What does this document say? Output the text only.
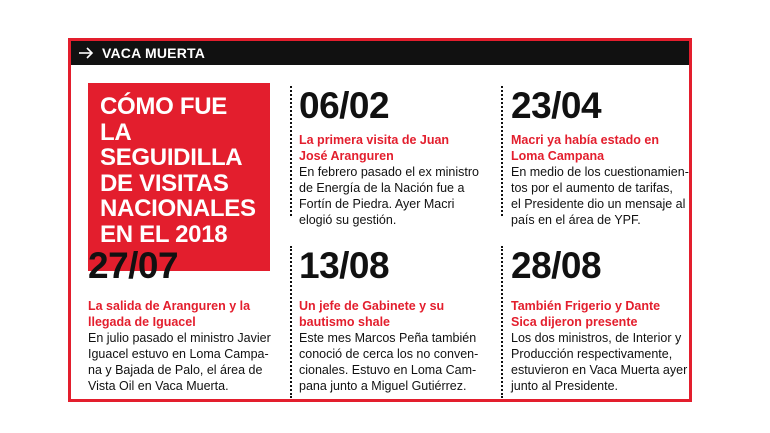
VACA MUERTA

CÓMO FUE
LA SEGUIDILLA
DE VISITAS
NACIONALES
EN EL 2018

06/02

La primera visita de Juan
José Aranguren

En febrero pasado el ex ministro
de Energía de la Nación fue a
Fortín de Piedra. Ayer Macri
elogió su gestión.

23/04

Macri ya había estado en
Loma Campana

En medio de los cuestionamien-
tos por el aumento de tarifas,
el Presidente dio un mensaje al
país en el área de YPF.

27/07

La salida de Aranguren y la
llegada de Iguacel

En julio pasado el ministro Javier
Iguacel estuvo en Loma Campa-
na y Bajada de Palo, el área de
Vista Oil en Vaca Muerta.

13/08

Un jefe de Gabinete y su
bautismo shale

Este mes Marcos Peña también
conoció de cerca los no conven-
cionales. Estuvo en Loma Cam-
pana junto a Miguel Gutiérrez.

28/08

También Frigerio y Dante
Sica dijeron presente

Los dos ministros, de Interior y
Producción respectivamente,
estuvieron en Vaca Muerta ayer
junto al Presidente.
